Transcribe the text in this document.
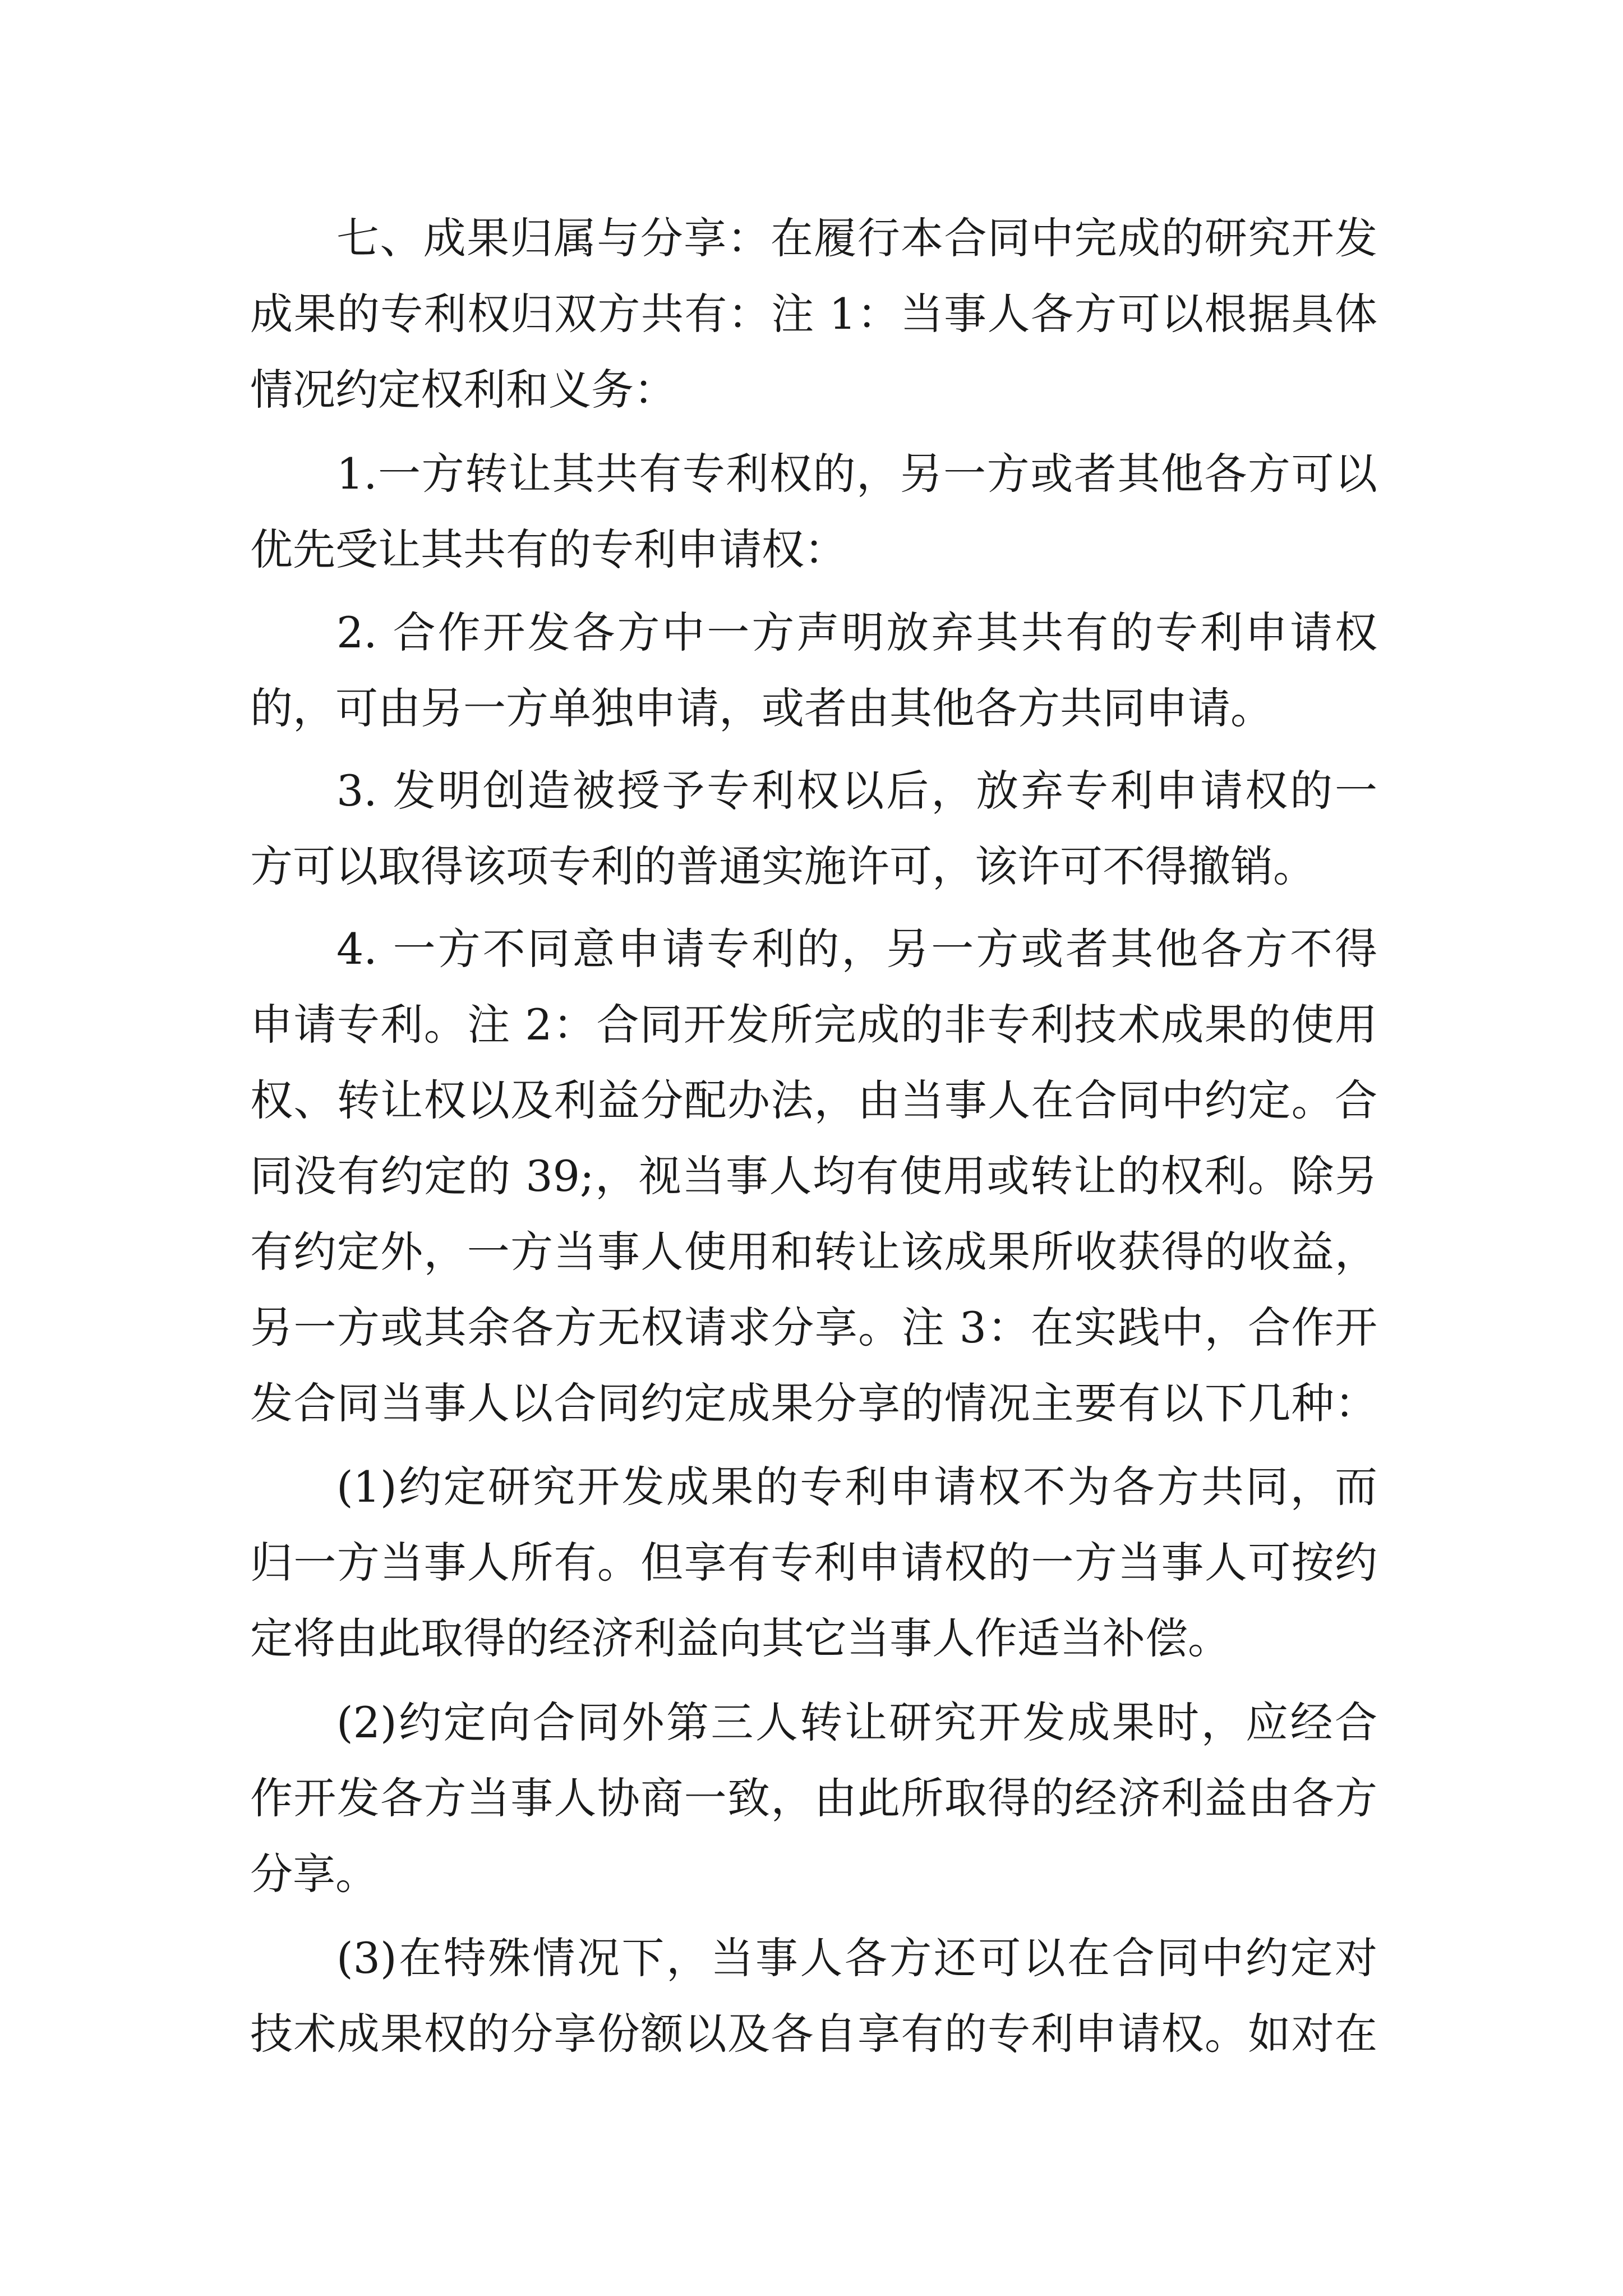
七、成果归属与分享：在履行本合同中完成的研究开发
成果的专利权归双方共有：注 1：当事人各方可以根据具体
情况约定权利和义务：
1.一方转让其共有专利权的，另一方或者其他各方可以
优先受让其共有的专利申请权：
2. 合作开发各方中一方声明放弃其共有的专利申请权
的，可由另一方单独申请，或者由其他各方共同申请。
3. 发明创造被授予专利权以后，放弃专利申请权的一
方可以取得该项专利的普通实施许可，该许可不得撤销。
4. 一方不同意申请专利的，另一方或者其他各方不得
申请专利。注 2：合同开发所完成的非专利技术成果的使用
权、转让权以及利益分配办法，由当事人在合同中约定。合
同没有约定的 39;，视当事人均有使用或转让的权利。除另
有约定外，一方当事人使用和转让该成果所收获得的收益，
另一方或其余各方无权请求分享。注 3：在实践中，合作开
发合同当事人以合同约定成果分享的情况主要有以下几种：
(1)约定研究开发成果的专利申请权不为各方共同，而
归一方当事人所有。但享有专利申请权的一方当事人可按约
定将由此取得的经济利益向其它当事人作适当补偿。
(2)约定向合同外第三人转让研究开发成果时，应经合
作开发各方当事人协商一致，由此所取得的经济利益由各方
分享。
(3)在特殊情况下，当事人各方还可以在合同中约定对
技术成果权的分享份额以及各自享有的专利申请权。如对在
